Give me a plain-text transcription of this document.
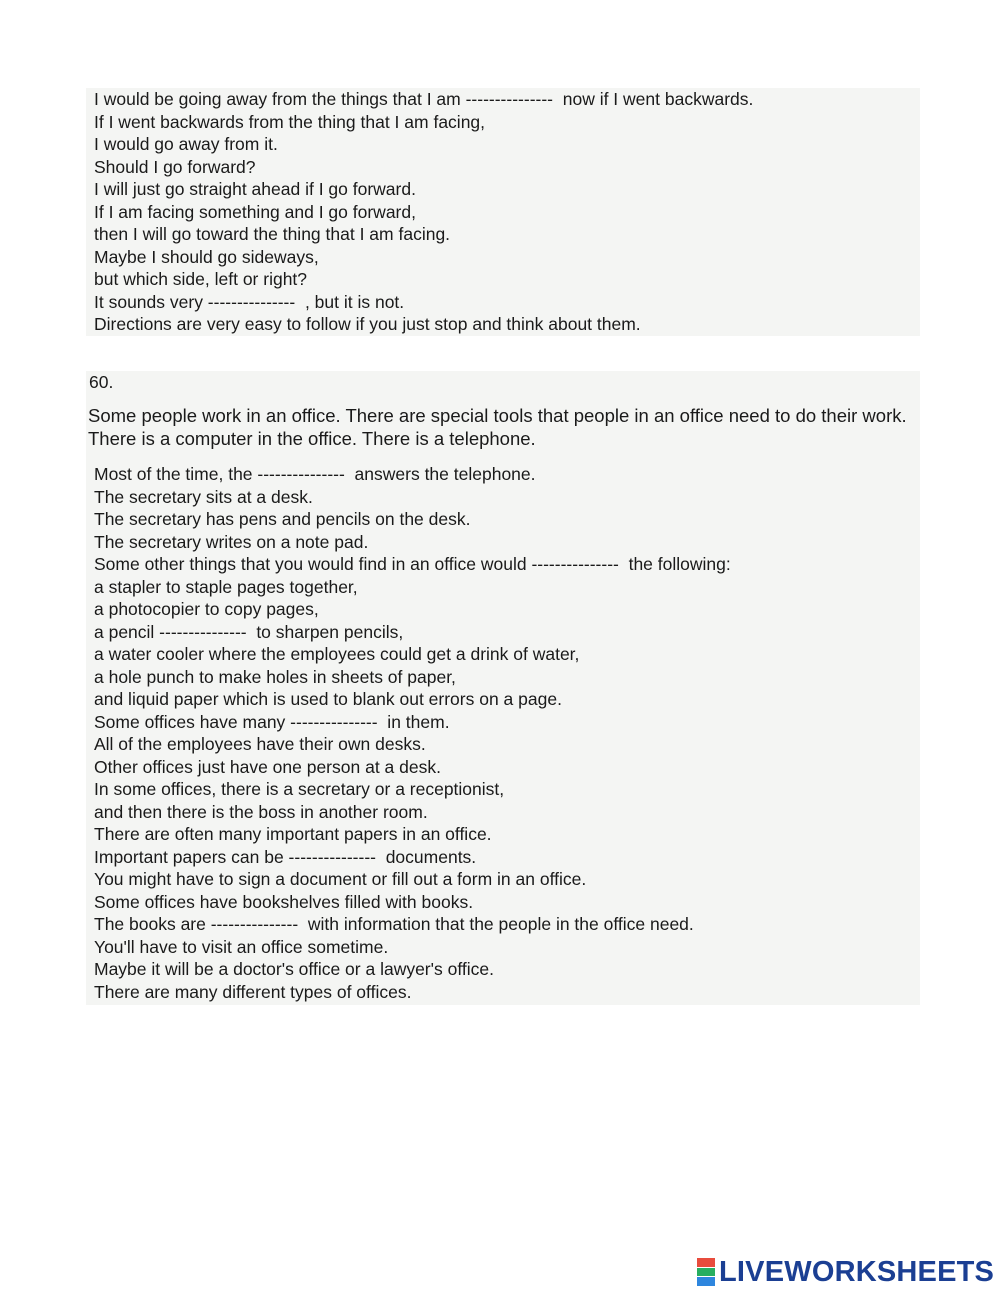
I would be going away from the things that I am ---------------  now if I went backwards.
If I went backwards from the thing that I am facing,
I would go away from it.
Should I go forward?
I will just go straight ahead if I go forward.
If I am facing something and I go forward,
then I will go toward the thing that I am facing.
Maybe I should go sideways,
but which side, left or right?
It sounds very ---------------  , but it is not.
Directions are very easy to follow if you just stop and think about them.
60.
Some people work in an office. There are special tools that people in an office need to do their work. There is a computer in the office. There is a telephone.
Most of the time, the ---------------  answers the telephone.
The secretary sits at a desk.
The secretary has pens and pencils on the desk.
The secretary writes on a note pad.
Some other things that you would find in an office would ---------------  the following:
a stapler to staple pages together,
a photocopier to copy pages,
a pencil ---------------  to sharpen pencils,
a water cooler where the employees could get a drink of water,
a hole punch to make holes in sheets of paper,
and liquid paper which is used to blank out errors on a page.
Some offices have many ---------------  in them.
All of the employees have their own desks.
Other offices just have one person at a desk.
In some offices, there is a secretary or a receptionist,
and then there is the boss in another room.
There are often many important papers in an office.
Important papers can be ---------------  documents.
You might have to sign a document or fill out a form in an office.
Some offices have bookshelves filled with books.
The books are ---------------  with information that the people in the office need.
You'll have to visit an office sometime.
Maybe it will be a doctor's office or a lawyer's office.
There are many different types of offices.
LIVEWORKSHEETS
